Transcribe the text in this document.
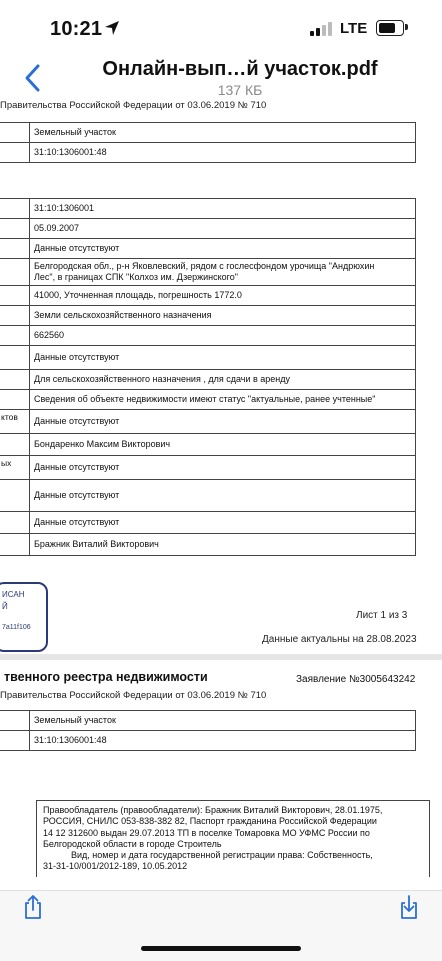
10:21	LTE
Онлайн-вып…й участок.pdf
137 КБ
Правительства Российской Федерации от 03.06.2019 № 710
	Земельный участок
	31:10:1306001:48
	31:10:1306001
	05.09.2007
	Данные отсутствуют

	Белгородская обл., р-н Яковлевский, рядом с гослесфондом урочища "Андрюхин
Лес", в границах СПК "Колхоз им. Дзержинского"

	41000, Уточненная площадь, погрешность 1772.0
	Земли сельскохозяйственного назначения
	662560
	Данные отсутствуют
	Для сельскохозяйственного назначения , для сдачи в аренду
	Сведения об объекте недвижимости имеют статус "актуальные, ранее учтенные"
ктов	Данные отсутствуют
	Бондаренко Максим Викторович
ых	Данные отсутствуют
	Данные отсутствуют
	Данные отсутствуют
	Бражник Виталий Викторович
ИСАН
Й
7a11f106
Лист 1 из 3
Данные актуальны на 28.08.2023
твенного реестра недвижимости	Заявление №3005643242
Правительства Российской Федерации от 03.06.2019 № 710
	Земельный участок
	31:10:1306001:48
Правообладатель (правообладатели): Бражник Виталий Викторович, 28.01.1975,
РОССИЯ, СНИЛС 053-838-382 82, Паспорт гражданина Российской Федерации
14 12 312600 выдан 29.07.2013 ТП в поселке Томаровка МО УФМС России по
Белгородской области в городе Строитель
Вид, номер и дата государственной регистрации права: Собственность,
31-31-10/001/2012-189, 10.05.2012
